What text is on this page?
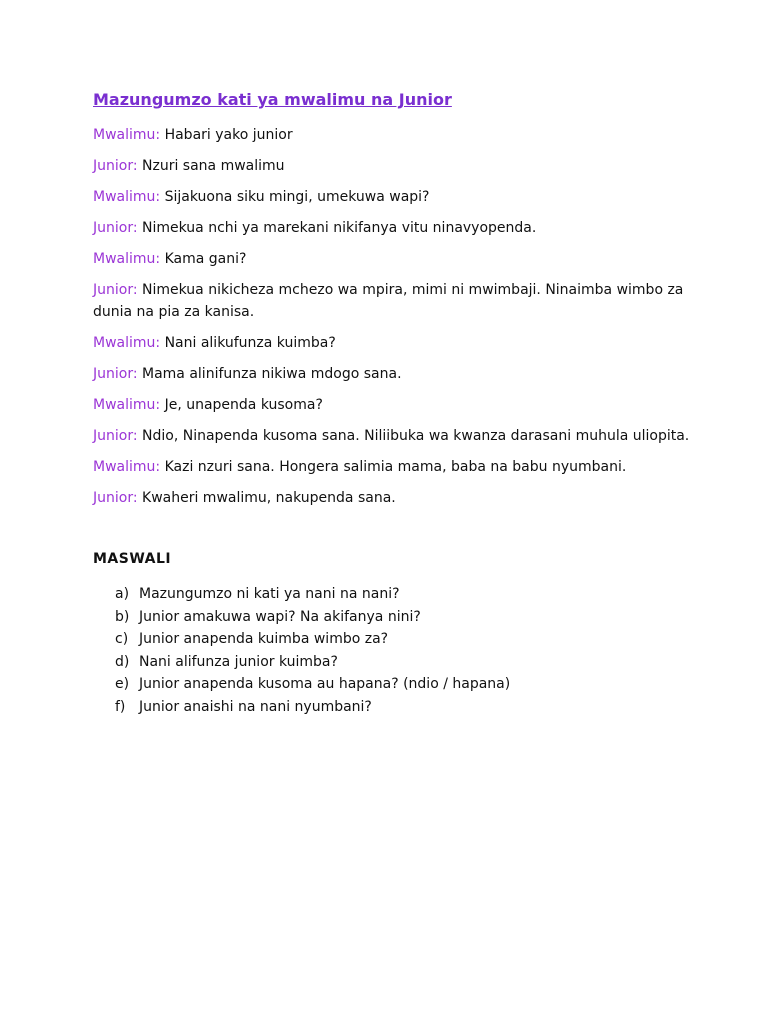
Mazungumzo kati ya mwalimu na Junior

Mwalimu: Habari yako junior

Junior: Nzuri sana mwalimu

Mwalimu: Sijakuona siku mingi, umekuwa wapi?

Junior: Nimekua nchi ya marekani nikifanya vitu ninavyopenda.

Mwalimu: Kama gani?

Junior: Nimekua nikicheza mchezo wa mpira, mimi ni mwimbaji. Ninaimba wimbo za dunia na pia za kanisa.

Mwalimu: Nani alikufunza kuimba?

Junior: Mama alinifunza nikiwa mdogo sana.

Mwalimu: Je, unapenda kusoma?

Junior: Ndio, Ninapenda kusoma sana. Niliibuka wa kwanza darasani muhula uliopita.

Mwalimu: Kazi nzuri sana. Hongera salimia mama, baba na babu nyumbani.

Junior: Kwaheri mwalimu, nakupenda sana.

MASWALI
a) Mazungumzo ni kati ya nani na nani?
b) Junior amakuwa wapi? Na akifanya nini?
c) Junior anapenda kuimba wimbo za?
d) Nani alifunza junior kuimba?
e) Junior anapenda kusoma au hapana? (ndio / hapana)
f) Junior anaishi na nani nyumbani?
